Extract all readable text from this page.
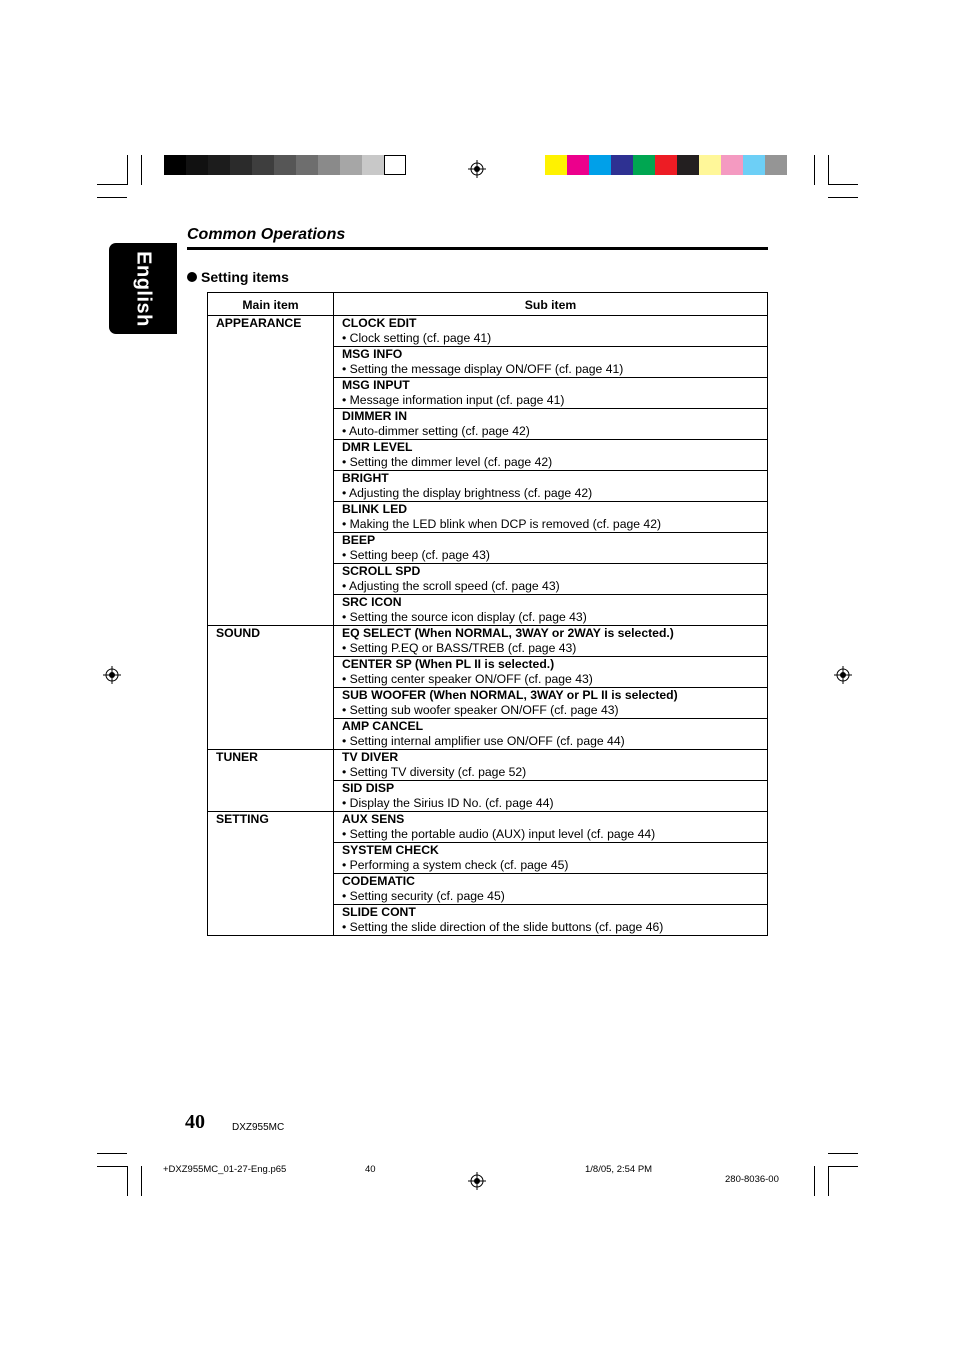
English
Common Operations
Setting items
Main item	Sub item
APPEARANCE	CLOCK EDIT
• Clock setting (cf. page 41)

	MSG INFO
• Setting the message display ON/OFF (cf. page 41)

	MSG INPUT
• Message information input (cf. page 41)

	DIMMER IN
• Auto-dimmer setting (cf. page 42)

	DMR LEVEL
• Setting the dimmer level (cf. page 42)

	BRIGHT
• Adjusting the display brightness (cf. page 42)

	BLINK LED
• Making the LED blink when DCP is removed (cf. page 42)

	BEEP
• Setting beep (cf. page 43)

	SCROLL SPD
• Adjusting the scroll speed (cf. page 43)

	SRC ICON
• Setting the source icon display (cf. page 43)

SOUND	EQ SELECT (When NORMAL, 3WAY or 2WAY is selected.)
• Setting P.EQ or BASS/TREB (cf. page 43)

	CENTER SP (When PL II is selected.)
• Setting center speaker ON/OFF (cf. page 43)

	SUB WOOFER (When NORMAL, 3WAY or PL II is selected)
• Setting sub woofer speaker ON/OFF (cf. page 43)

	AMP CANCEL
• Setting internal amplifier use ON/OFF (cf. page 44)

TUNER	TV DIVER
• Setting TV diversity (cf. page 52)

	SID DISP
• Display the Sirius ID No. (cf. page 44)

SETTING	AUX SENS
• Setting the portable audio (AUX) input level (cf. page 44)

	SYSTEM CHECK
• Performing a system check (cf. page 45)

	CODEMATIC
• Setting security (cf. page 45)

	SLIDE CONT
• Setting the slide direction of the slide buttons (cf. page 46)
40	DXZ955MC
+DXZ955MC_01-27-Eng.p65	40	1/8/05, 2:54 PM
280-8036-00
